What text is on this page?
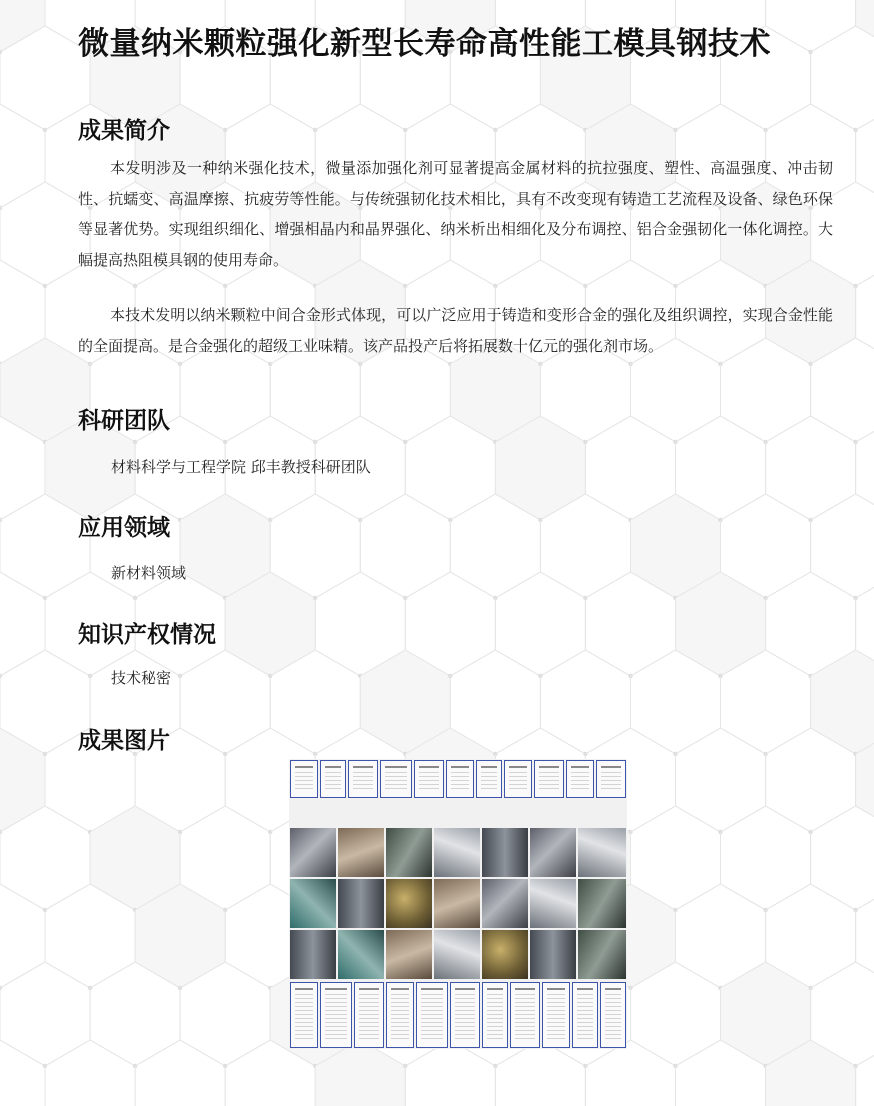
微量纳米颗粒强化新型长寿命高性能工模具钢技术
成果简介

本发明涉及一种纳米强化技术，微量添加强化剂可显著提高金属材料的抗拉强度、塑性、高温强度、冲击韧性、抗蠕变、高温摩擦、抗疲劳等性能。与传统强韧化技术相比，具有不改变现有铸造工艺流程及设备、绿色环保等显著优势。实现组织细化、增强相晶内和晶界强化、纳米析出相细化及分布调控、铝合金强韧化一体化调控。大幅提高热阻模具钢的使用寿命。

本技术发明以纳米颗粒中间合金形式体现，可以广泛应用于铸造和变形合金的强化及组织调控，实现合金性能的全面提高。是合金强化的超级工业味精。该产品投产后将拓展数十亿元的强化剂市场。

科研团队
材料科学与工程学院 邱丰教授科研团队
应用领域
新材料领域
知识产权情况
技术秘密
成果图片
